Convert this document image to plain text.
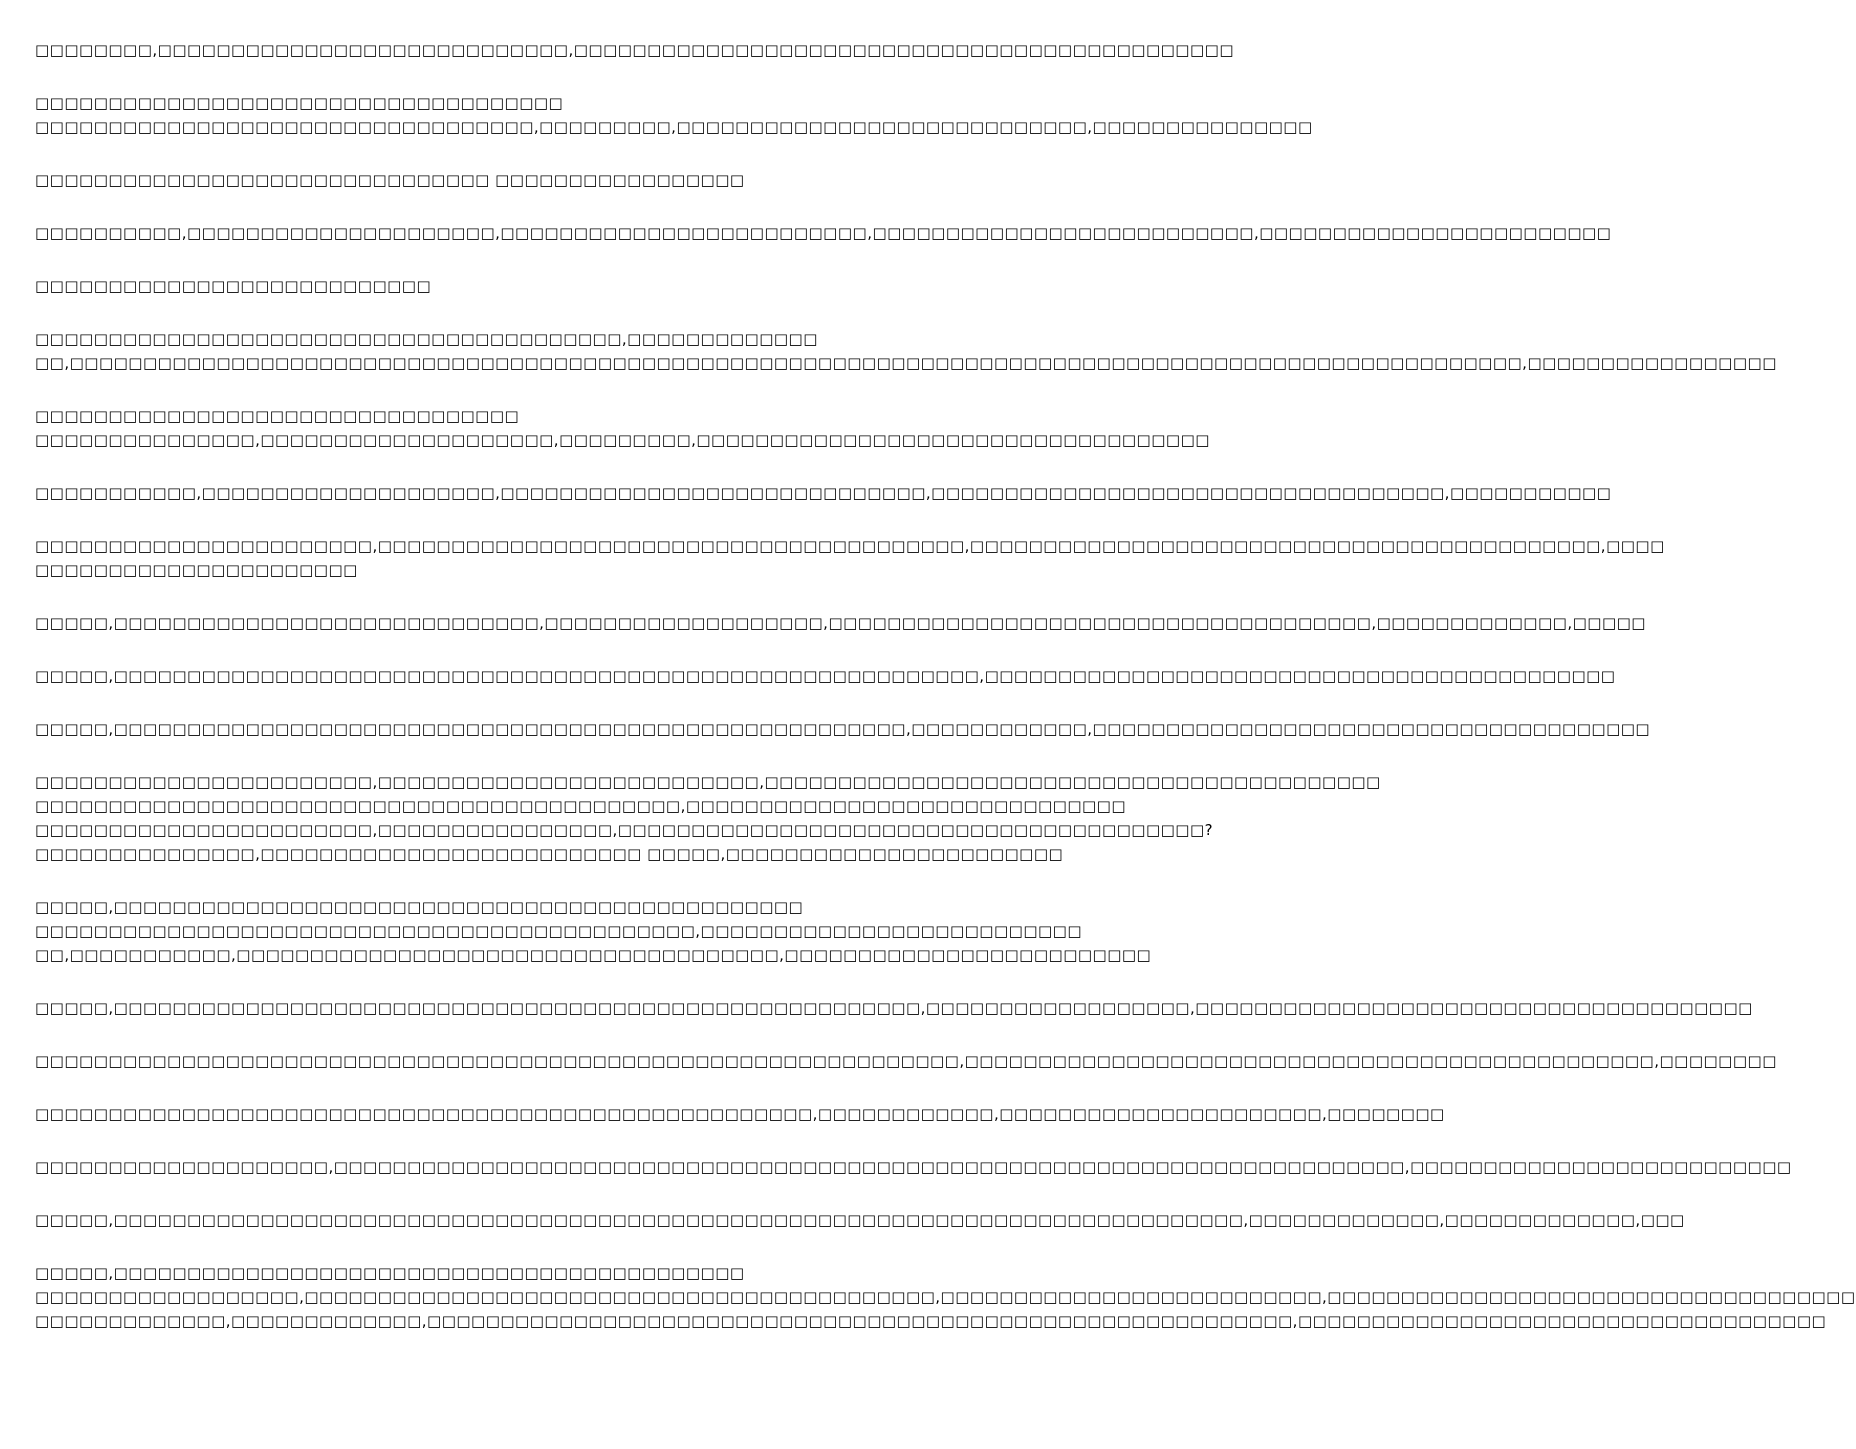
□□□□□□□□,□□□□□□□□□□□□□□□□□□□□□□□□□□□□,□□□□□□□□□□□□□□□□□□□□□□□□□□□□□□□□□□□□□□□□□□□□□
□□□□□□□□□□□□□□□□□□□□□□□□□□□□□□□□□□□□
□□□□□□□□□□□□□□□□□□□□□□□□□□□□□□□□□□,□□□□□□□□□,□□□□□□□□□□□□□□□□□□□□□□□□□□□□,□□□□□□□□□□□□□□□
□□□□□□□□□□□□□□□□□□□□□□□□□□□□□□□ □□□□□□□□□□□□□□□□□
□□□□□□□□□□,□□□□□□□□□□□□□□□□□□□□□,□□□□□□□□□□□□□□□□□□□□□□□□□,□□□□□□□□□□□□□□□□□□□□□□□□□□,□□□□□□□□□□□□□□□□□□□□□□□□
□□□□□□□□□□□□□□□□□□□□□□□□□□□
□□□□□□□□□□□□□□□□□□□□□□□□□□□□□□□□□□□□□□□□,□□□□□□□□□□□□□
□□,□□□□□□□□□□□□□□□□□□□□□□□□□□□□□□□□□□□□□□□□□□□□□□□□□□□□□□□□□□□□□□□□□□□□□□□□□□□□□□□□□□□□□□□□□□□□□□□□□□□,□□□□□□□□□□□□□□□□□
□□□□□□□□□□□□□□□□□□□□□□□□□□□□□□□□□
□□□□□□□□□□□□□□□,□□□□□□□□□□□□□□□□□□□□,□□□□□□□□□,□□□□□□□□□□□□□□□□□□□□□□□□□□□□□□□□□□□
□□□□□□□□□□□,□□□□□□□□□□□□□□□□□□□□,□□□□□□□□□□□□□□□□□□□□□□□□□□□□□,□□□□□□□□□□□□□□□□□□□□□□□□□□□□□□□□□□□,□□□□□□□□□□□
□□□□□□□□□□□□□□□□□□□□□□□,□□□□□□□□□□□□□□□□□□□□□□□□□□□□□□□□□□□□□□□□,□□□□□□□□□□□□□□□□□□□□□□□□□□□□□□□□□□□□□□□□□□□,□□□□
□□□□□□□□□□□□□□□□□□□□□□
□□□□□,□□□□□□□□□□□□□□□□□□□□□□□□□□□□□,□□□□□□□□□□□□□□□□□□□,□□□□□□□□□□□□□□□□□□□□□□□□□□□□□□□□□□□□□,□□□□□□□□□□□□□,□□□□□
□□□□□,□□□□□□□□□□□□□□□□□□□□□□□□□□□□□□□□□□□□□□□□□□□□□□□□□□□□□□□□□□□,□□□□□□□□□□□□□□□□□□□□□□□□□□□□□□□□□□□□□□□□□□□
□□□□□,□□□□□□□□□□□□□□□□□□□□□□□□□□□□□□□□□□□□□□□□□□□□□□□□□□□□□□,□□□□□□□□□□□□,□□□□□□□□□□□□□□□□□□□□□□□□□□□□□□□□□□□□□□
□□□□□□□□□□□□□□□□□□□□□□□,□□□□□□□□□□□□□□□□□□□□□□□□□□,□□□□□□□□□□□□□□□□□□□□□□□□□□□□□□□□□□□□□□□□□□
□□□□□□□□□□□□□□□□□□□□□□□□□□□□□□□□□□□□□□□□□□□□,□□□□□□□□□□□□□□□□□□□□□□□□□□□□□□
□□□□□□□□□□□□□□□□□□□□□□□,□□□□□□□□□□□□□□□□,□□□□□□□□□□□□□□□□□□□□□□□□□□□□□□□□□□□□□□□□?
□□□□□□□□□□□□□□□,□□□□□□□□□□□□□□□□□□□□□□□□□□ □□□□□,□□□□□□□□□□□□□□□□□□□□□□□
□□□□□,□□□□□□□□□□□□□□□□□□□□□□□□□□□□□□□□□□□□□□□□□□□□□□□
□□□□□□□□□□□□□□□□□□□□□□□□□□□□□□□□□□□□□□□□□□□□□,□□□□□□□□□□□□□□□□□□□□□□□□□□
□□,□□□□□□□□□□□,□□□□□□□□□□□□□□□□□□□□□□□□□□□□□□□□□□□□□,□□□□□□□□□□□□□□□□□□□□□□□□□
□□□□□,□□□□□□□□□□□□□□□□□□□□□□□□□□□□□□□□□□□□□□□□□□□□□□□□□□□□□□□,□□□□□□□□□□□□□□□□□□,□□□□□□□□□□□□□□□□□□□□□□□□□□□□□□□□□□□□□□
□□□□□□□□□□□□□□□□□□□□□□□□□□□□□□□□□□□□□□□□□□□□□□□□□□□□□□□□□□□□□□□,□□□□□□□□□□□□□□□□□□□□□□□□□□□□□□□□□□□□□□□□□□□□□□□,□□□□□□□□
□□□□□□□□□□□□□□□□□□□□□□□□□□□□□□□□□□□□□□□□□□□□□□□□□□□□□,□□□□□□□□□□□□,□□□□□□□□□□□□□□□□□□□□□□,□□□□□□□□
□□□□□□□□□□□□□□□□□□□□,□□□□□□□□□□□□□□□□□□□□□□□□□□□□□□□□□□□□□□□□□□□□□□□□□□□□□□□□□□□□□□□□□□□□□□□□□,□□□□□□□□□□□□□□□□□□□□□□□□□□
□□□□□,□□□□□□□□□□□□□□□□□□□□□□□□□□□□□□□□□□□□□□□□□□□□□□□□□□□□□□□□□□□□□□□□□□□□□□□□□□□□□,□□□□□□□□□□□□□,□□□□□□□□□□□□□,□□□
□□□□□,□□□□□□□□□□□□□□□□□□□□□□□□□□□□□□□□□□□□□□□□□□□
□□□□□□□□□□□□□□□□□□,□□□□□□□□□□□□□□□□□□□□□□□□□□□□□□□□□□□□□□□□□□□,□□□□□□□□□□□□□□□□□□□□□□□□□□,□□□□□□□□□□□□□□□□□□□□□□□□□□□□□□□□□□□□
□□□□□□□□□□□□□,□□□□□□□□□□□□□,□□□□□□□□□□□□□□□□□□□□□□□□□□□□□□□□□□□□□□□□□□□□□□□□□□□□□□□□□□□,□□□□□□□□□□□□□□□□□□□□□□□□□□□□□□□□□□□□
